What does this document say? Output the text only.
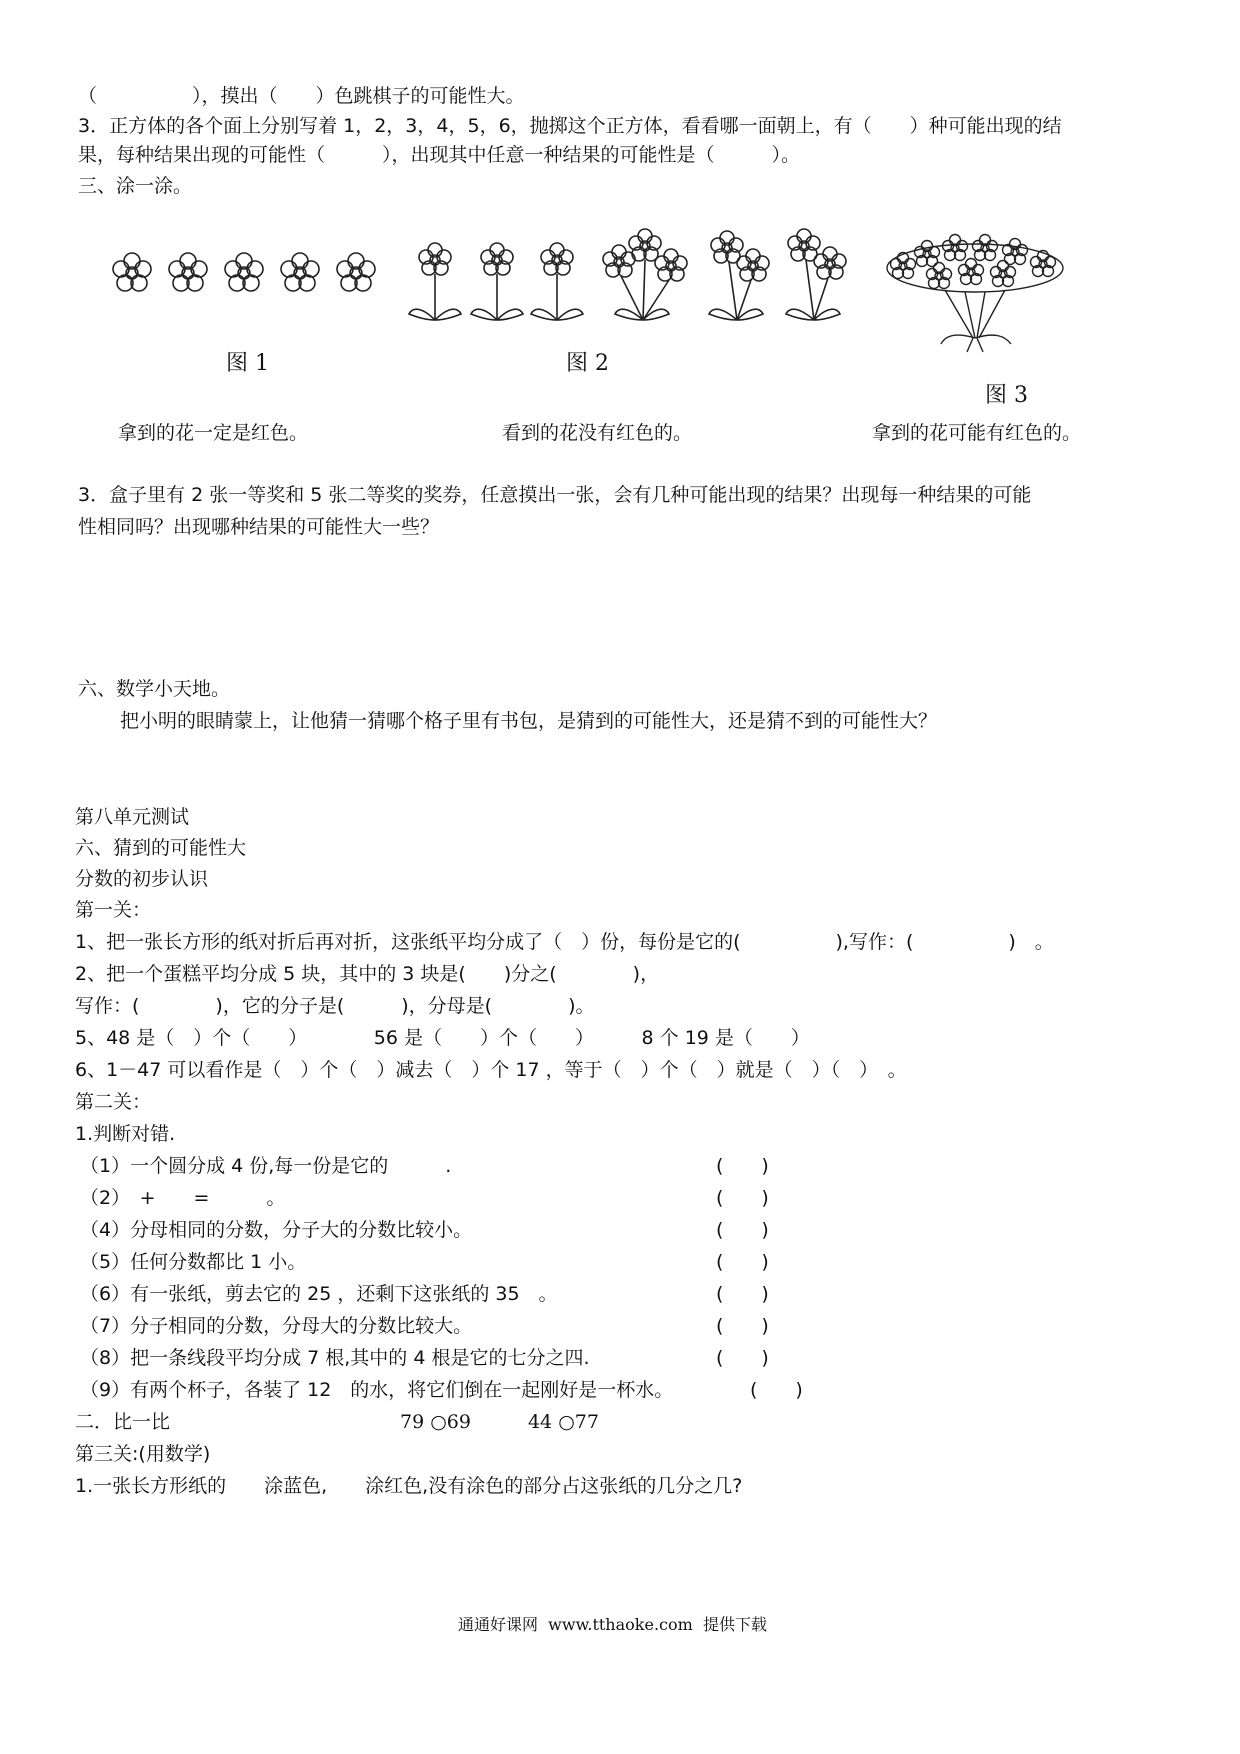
（　　　　　），摸出（　　）色跳棋子的可能性大。
3．正方体的各个面上分别写着 1，2，3，4，5，6，抛掷这个正方体，看看哪一面朝上，有（　　）种可能出现的结
果，每种结果出现的可能性（　　　），出现其中任意一种结果的可能性是（　　　）。
三、涂一涂。
图 1	图 2
图 3
拿到的花一定是红色。	看到的花没有红色的。	拿到的花可能有红色的。
3．盒子里有 2 张一等奖和 5 张二等奖的奖券，任意摸出一张，会有几种可能出现的结果？出现每一种结果的可能
性相同吗？出现哪种结果的可能性大一些？
六、数学小天地。
把小明的眼睛蒙上，让他猜一猜哪个格子里有书包，是猜到的可能性大，还是猜不到的可能性大？
第八单元测试
六、猜到的可能性大
分数的初步认识
第一关：
1、把一张长方形的纸对折后再对折，这张纸平均分成了（　）份，每份是它的(　　　　　),写作：(　　　　　)　。
2、把一个蛋糕平均分成 5 块，其中的 3 块是(　　)分之(　　　　)，
写作：(　　　　)，它的分子是(　　　)，分母是(　　　　)。
5、48 是（　）个（　　）　　　　56 是（　　）个（　　）　　　8 个 19 是（　　）
6、1－47 可以看作是（　）个（　）减去（　）个 17 ，等于（　）个（　）就是（　）（　）　。
第二关：
1.判断对错.
（1）一个圆分成 4 份,每一份是它的　　　.	(　　)
（2）　+　　=　　　。	(　　)
（4）分母相同的分数，分子大的分数比较小。	(　　)
（5）任何分数都比 1 小。	(　　)
（6）有一张纸，剪去它的 25 ，还剩下这张纸的 35　。	(　　)
（7）分子相同的分数，分母大的分数比较大。	(　　)
（8）把一条线段平均分成 7 根,其中的 4 根是它的七分之四.	(　　)
（9）有两个杯子，各装了 12　的水，将它们倒在一起刚好是一杯水。	(　　)
二．比一比	79 ○69　　　44 ○77
第三关:(用数学)
1.一张长方形纸的　　涂蓝色,　　涂红色,没有涂色的部分占这张纸的几分之几?
通通好课网  www.tthaoke.com  提供下载
